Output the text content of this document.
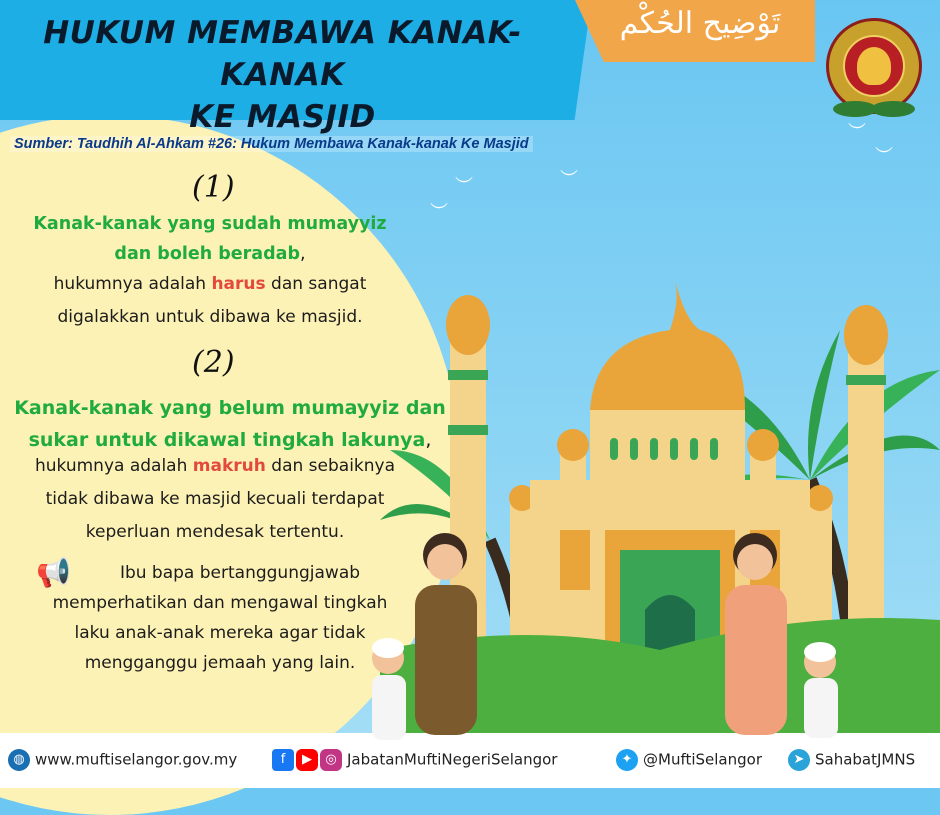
︶
︶
︶
︶
︶
HUKUM MEMBAWA KANAK-KANAK
KE MASJID
تَوْضِيح الحُكْم
Sumber: Taudhih Al-Ahkam #26: Hukum Membawa Kanak-kanak Ke Masjid
(1)
Kanak-kanak yang sudah mumayyiz
dan boleh beradab,
hukumnya adalah harus dan sangat
digalakkan untuk dibawa ke masjid.
(2)
Kanak-kanak yang belum mumayyiz dan
sukar untuk dikawal tingkah lakunya,
hukumnya adalah makruh dan sebaiknya
tidak dibawa ke masjid kecuali terdapat
keperluan mendesak tertentu.
📢	Ibu bapa bertanggungjawab
memperhatikan dan mengawal tingkah
laku anak-anak mereka agar tidak
mengganggu jemaah yang lain.
◍ www.muftiselangor.gov.my	f ▶ ◎ JabatanMuftiNegeriSelangor	✦ @MuftiSelangor	➤ SahabatJMNS
